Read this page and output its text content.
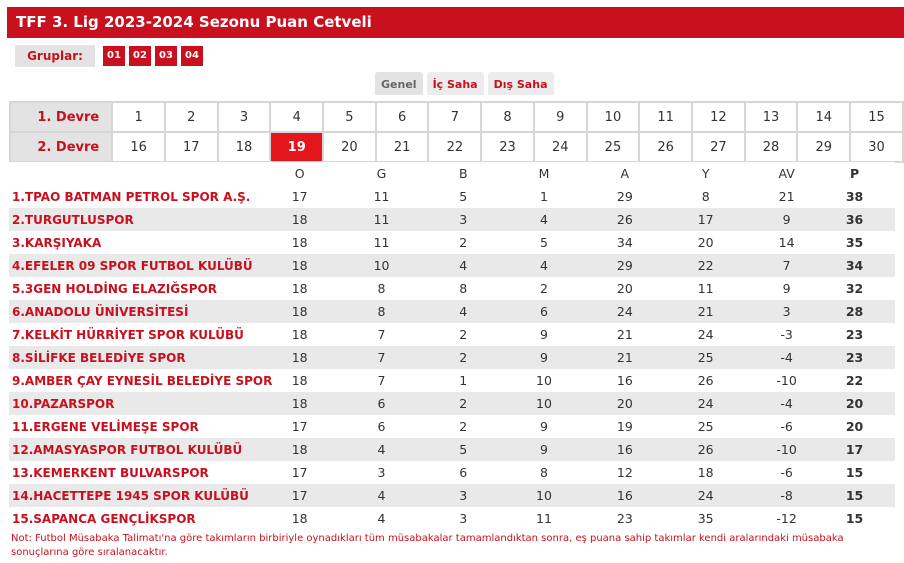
TFF 3. Lig 2023-2024 Sezonu Puan Cetveli
Gruplar:	01	02	03	04
Genel	İç Saha	Dış Saha
1. Devre	1	2	3	4	5	6	7	8	9	10	11	12	13	14	15
2. Devre	16	17	18	19	20	21	22	23	24	25	26	27	28	29	30
	O	G	B	M	A	Y	AV	P
1.TPAO BATMAN PETROL SPOR A.Ş.	17	11	5	1	29	8	21	38
2.TURGUTLUSPOR	18	11	3	4	26	17	9	36
3.KARŞIYAKA	18	11	2	5	34	20	14	35
4.EFELER 09 SPOR FUTBOL KULÜBÜ	18	10	4	4	29	22	7	34
5.3GEN HOLDİNG ELAZIĞSPOR	18	8	8	2	20	11	9	32
6.ANADOLU ÜNİVERSİTESİ	18	8	4	6	24	21	3	28
7.KELKİT HÜRRİYET SPOR KULÜBÜ	18	7	2	9	21	24	-3	23
8.SİLİFKE BELEDİYE SPOR	18	7	2	9	21	25	-4	23
9.AMBER ÇAY EYNESİL BELEDİYE SPOR	18	7	1	10	16	26	-10	22
10.PAZARSPOR	18	6	2	10	20	24	-4	20
11.ERGENE VELİMEŞE SPOR	17	6	2	9	19	25	-6	20
12.AMASYASPOR FUTBOL KULÜBÜ	18	4	5	9	16	26	-10	17
13.KEMERKENT BULVARSPOR	17	3	6	8	12	18	-6	15
14.HACETTEPE 1945 SPOR KULÜBÜ	17	4	3	10	16	24	-8	15
15.SAPANCA GENÇLİKSPOR	18	4	3	11	23	35	-12	15
Not: Futbol Müsabaka Talimatı'na göre takımların birbiriyle oynadıkları tüm müsabakalar tamamlandıktan sonra, eş puana sahip takımlar kendi aralarındaki müsabaka sonuçlarına göre sıralanacaktır.
